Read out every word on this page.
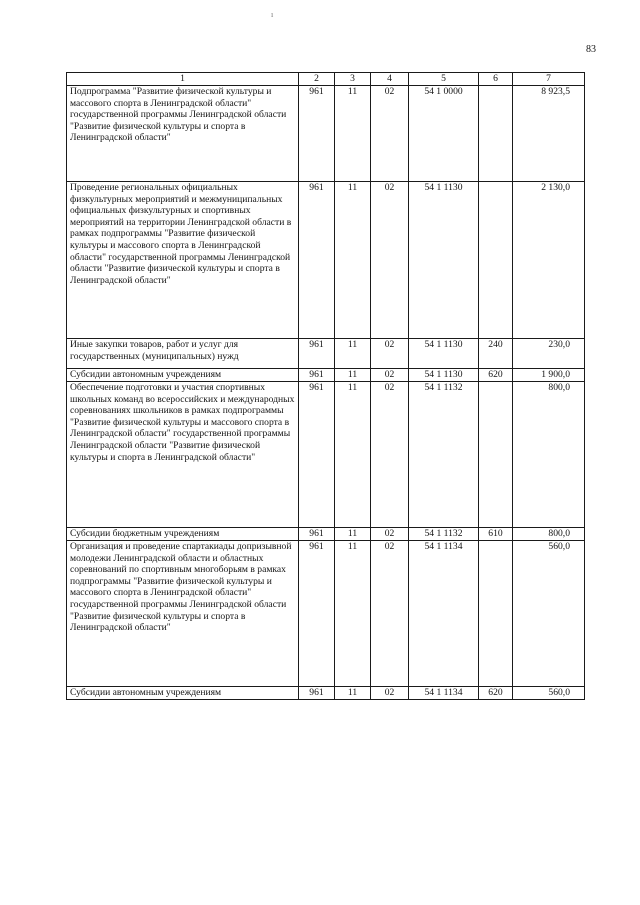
ı
83
1	2	3	4	5	6	7
Подпрограмма "Развитие физической культуры и массового спорта в Ленинградской области" государственной программы Ленинградской области "Развитие физической культуры и спорта в Ленинградской области"	961	11	02	54 1 0000		8 923,5
Проведение региональных официальных физкультурных мероприятий и межмуниципальных официальных физкультурных и спортивных мероприятий на территории Ленинградской области в рамках подпрограммы "Развитие физической культуры и массового спорта в Ленинградской области" государственной программы Ленинградской области "Развитие физической культуры и спорта в Ленинградской области"	961	11	02	54 1 1130		2 130,0
Иные закупки товаров, работ и услуг для государственных (муниципальных) нужд	961	11	02	54 1 1130	240	230,0
Субсидии автономным учреждениям	961	11	02	54 1 1130	620	1 900,0
Обеспечение подготовки и участия спортивных школьных команд во всероссийских и международных соревнованиях школьников в рамках подпрограммы "Развитие физической культуры и массового спорта в Ленинградской области" государственной программы Ленинградской области "Развитие физической культуры и спорта в Ленинградской области"	961	11	02	54 1 1132		800,0
Субсидии бюджетным учреждениям	961	11	02	54 1 1132	610	800,0
Организация и проведение спартакиады допризывной молодежи Ленинградской области и областных соревнований по спортивным многоборьям в рамках подпрограммы "Развитие физической культуры и массового спорта в Ленинградской области" государственной программы Ленинградской области "Развитие физической культуры и спорта в Ленинградской области"	961	11	02	54 1 1134		560,0
Субсидии автономным учреждениям	961	11	02	54 1 1134	620	560,0
